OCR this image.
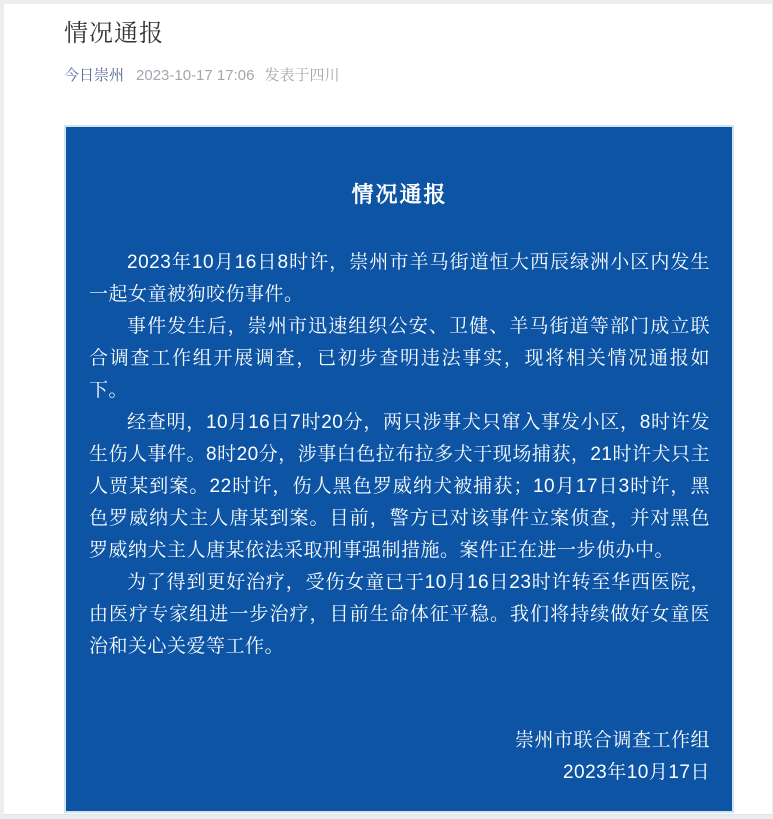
情况通报
今日崇州 2023-10-17 17:06 发表于四川
情况通报

2023年10月16日8时许，崇州市羊马街道恒大西辰绿洲小区内发生一起女童被狗咬伤事件。

事件发生后，崇州市迅速组织公安、卫健、羊马街道等部门成立联合调查工作组开展调查，已初步查明违法事实，现将相关情况通报如下。

经查明，10月16日7时20分，两只涉事犬只窜入事发小区，8时许发生伤人事件。8时20分，涉事白色拉布拉多犬于现场捕获，21时许犬只主人贾某到案。22时许，伤人黑色罗威纳犬被捕获；10月17日3时许，黑色罗威纳犬主人唐某到案。目前，警方已对该事件立案侦查，并对黑色罗威纳犬主人唐某依法采取刑事强制措施。案件正在进一步侦办中。

为了得到更好治疗，受伤女童已于10月16日23时许转至华西医院，由医疗专家组进一步治疗，目前生命体征平稳。我们将持续做好女童医治和关心关爱等工作。

崇州市联合调查工作组

2023年10月17日
